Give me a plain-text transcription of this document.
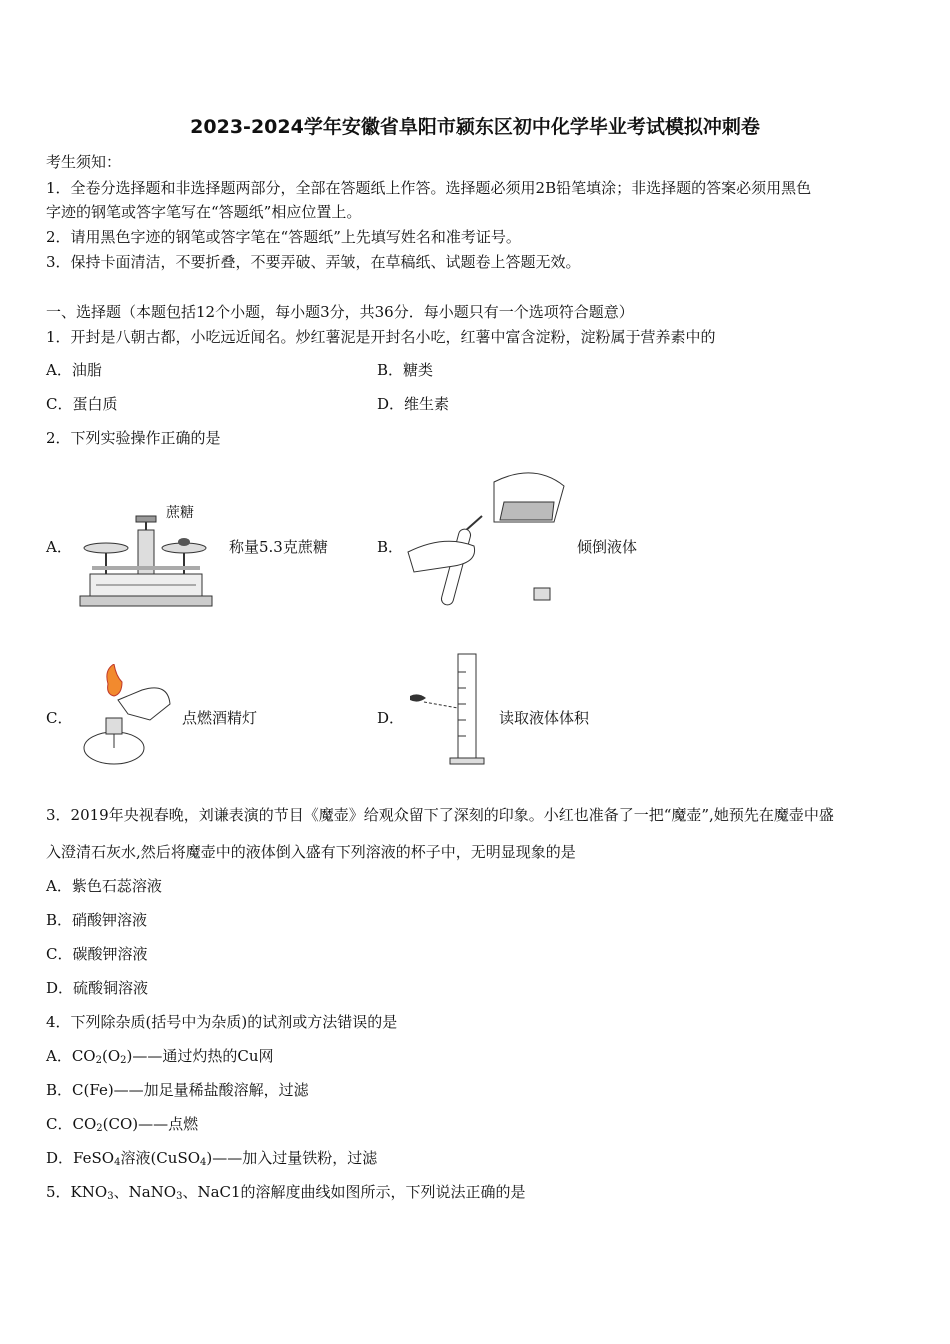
2023-2024学年安徽省阜阳市颍东区初中化学毕业考试模拟冲刺卷
考生须知：
1．全卷分选择题和非选择题两部分，全部在答题纸上作答。选择题必须用2B铅笔填涂；非选择题的答案必须用黑色
字迹的钢笔或答字笔写在“答题纸”相应位置上。
2．请用黑色字迹的钢笔或答字笔在“答题纸”上先填写姓名和准考证号。
3．保持卡面清洁，不要折叠，不要弄破、弄皱，在草稿纸、试题卷上答题无效。
一、选择题（本题包括12个小题，每小题3分，共36分．每小题只有一个选项符合题意）
1．开封是八朝古都，小吃远近闻名。炒红薯泥是开封名小吃，红薯中富含淀粉，淀粉属于营养素中的
A．油脂	B．糖类
C．蛋白质	D．维生素
2．下列实验操作正确的是
A．
蔗糖
称量5.3克蔗糖	B．	倾倒液体
C．	点燃酒精灯	D．	读取液体体积
3．2019年央视春晚，刘谦表演的节目《魔壶》给观众留下了深刻的印象。小红也准备了一把“魔壶”,她预先在魔壶中盛
入澄清石灰水,然后将魔壶中的液体倒入盛有下列溶液的杯子中，无明显现象的是
A．紫色石蕊溶液
B．硝酸钾溶液
C．碳酸钾溶液
D．硫酸铜溶液
4．下列除杂质(括号中为杂质)的试剂或方法错误的是
A．$CO_2(O_2)——$通过灼热的Cu网
B．C(Fe)——加足量稀盐酸溶解，过滤
C．$CO_2(CO)——$点燃
D．FeSO$_4$溶液(CuSO$_4$)——加入过量铁粉，过滤
5．$KNO_3$、NaNO$_3$、NaC1的溶解度曲线如图所示，下列说法正确的是
